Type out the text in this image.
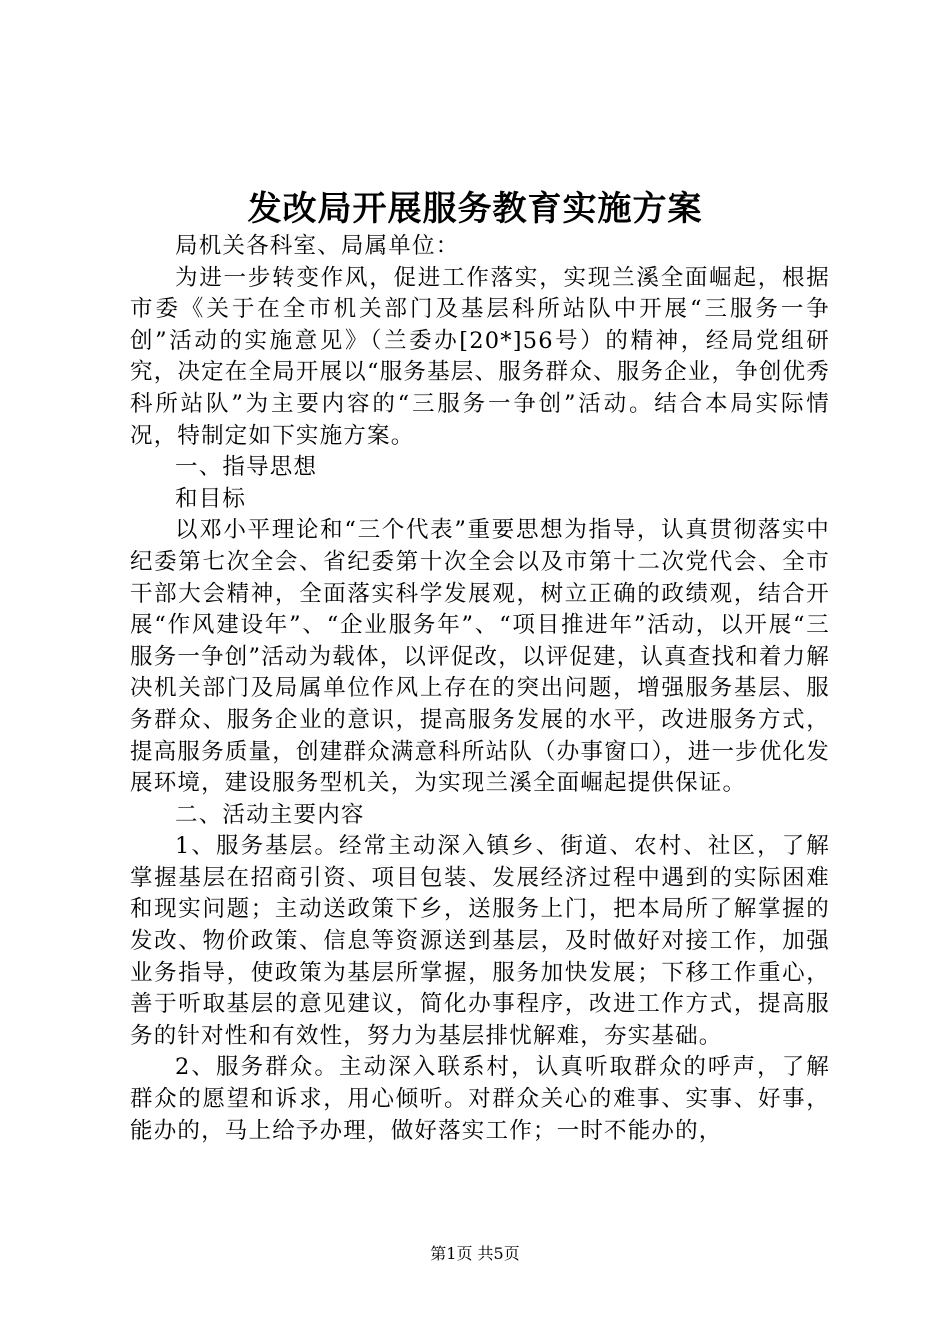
发改局开展服务教育实施方案

局机关各科室、局属单位：

为进一步转变作风，促进工作落实，实现兰溪全面崛起，根据市委《关于在全市机关部门及基层科所站队中开展“三服务一争创”活动的实施意见》（兰委办[20*]56号）的精神，经局党组研究，决定在全局开展以“服务基层、服务群众、服务企业，争创优秀科所站队”为主要内容的“三服务一争创”活动。结合本局实际情况，特制定如下实施方案。

一、指导思想

和目标

以邓小平理论和“三个代表”重要思想为指导，认真贯彻落实中纪委第七次全会、省纪委第十次全会以及市第十二次党代会、全市干部大会精神，全面落实科学发展观，树立正确的政绩观，结合开展“作风建设年”、“企业服务年”、“项目推进年”活动，以开展“三服务一争创”活动为载体，以评促改，以评促建，认真查找和着力解决机关部门及局属单位作风上存在的突出问题，增强服务基层、服务群众、服务企业的意识，提高服务发展的水平，改进服务方式，提高服务质量，创建群众满意科所站队（办事窗口），进一步优化发展环境，建设服务型机关，为实现兰溪全面崛起提供保证。

二、活动主要内容

1、服务基层。经常主动深入镇乡、街道、农村、社区，了解掌握基层在招商引资、项目包装、发展经济过程中遇到的实际困难和现实问题；主动送政策下乡，送服务上门，把本局所了解掌握的发改、物价政策、信息等资源送到基层，及时做好对接工作，加强业务指导，使政策为基层所掌握，服务加快发展；下移工作重心，善于听取基层的意见建议，简化办事程序，改进工作方式，提高服务的针对性和有效性，努力为基层排忧解难，夯实基础。

2、服务群众。主动深入联系村，认真听取群众的呼声，了解群众的愿望和诉求，用心倾听。对群众关心的难事、实事、好事，能办的，马上给予办理，做好落实工作；一时不能办的，

第1页 共5页
